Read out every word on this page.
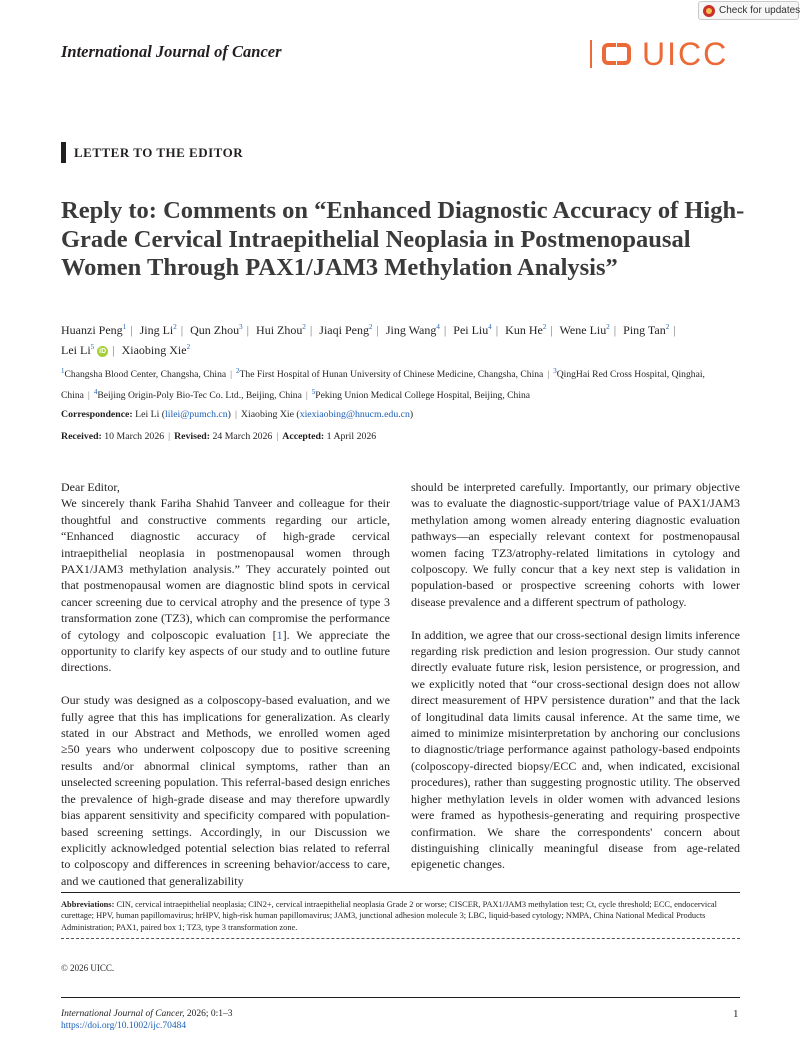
Check for updates
International Journal of Cancer	UICC
LETTER TO THE EDITOR
Reply to: Comments on “Enhanced Diagnostic Accuracy of High-Grade Cervical Intraepithelial Neoplasia in Postmenopausal Women Through PAX1/JAM3 Methylation Analysis”
Huanzi Peng$^1$ | Jing Li$^2$ | Qun Zhou$^3$ | Hui Zhou$^2$ | Jiaqi Peng$^2$ | Jing Wang$^4$ | Pei Liu$^4$ | Kun He$^2$ | Wene Liu$^2$ | Ping Tan$^2$ |
Lei Li$^5$iD | Xiaobing Xie$^2$
$^1$Changsha Blood Center, Changsha, China | $^2$The First Hospital of Hunan University of Chinese Medicine, Changsha, China | $^3$QingHai Red Cross Hospital, Qinghai, China | $^4$Beijing Origin-Poly Bio-Tec Co. Ltd., Beijing, China | $^5$Peking Union Medical College Hospital, Beijing, China
Correspondence: Lei Li (lilei@pumch.cn) | Xiaobing Xie (xiexiaobing@hnucm.edu.cn)
Received: 10 March 2026 | Revised: 24 March 2026 | Accepted: 1 April 2026

Dear Editor,

We sincerely thank Fariha Shahid Tanveer and colleague for their thoughtful and constructive comments regarding our article, “Enhanced diagnostic accuracy of high-grade cervical intraepithelial neoplasia in postmenopausal women through PAX1/JAM3 methylation analysis.” They accurately pointed out that postmenopausal women are diagnostic blind spots in cervical cancer screening due to cervical atrophy and the presence of type 3 transformation zone (TZ3), which can compromise the performance of cytology and colposcopic evaluation [1]. We appreciate the opportunity to clarify key aspects of our study and to outline future directions.

Our study was designed as a colposcopy-based evaluation, and we fully agree that this has implications for generalization. As clearly stated in our Abstract and Methods, we enrolled women aged ≥50 years who underwent colposcopy due to positive screening results and/or abnormal clinical symptoms, rather than an unselected screening population. This referral-based design enriches the prevalence of high-grade disease and may therefore upwardly bias apparent sensitivity and specificity compared with population-based screening settings. Accordingly, in our Discussion we explicitly acknowledged potential selection bias related to referral to colposcopy and differences in screening behavior/access to care, and we cautioned that generalizability

should be interpreted carefully. Importantly, our primary objective was to evaluate the diagnostic-support/triage value of PAX1/JAM3 methylation among women already entering diagnostic evaluation pathways—an especially relevant context for postmenopausal women facing TZ3/atrophy-related limitations in cytology and colposcopy. We fully concur that a key next step is validation in population-based or prospective screening cohorts with lower disease prevalence and a different spectrum of pathology.

In addition, we agree that our cross-sectional design limits inference regarding risk prediction and lesion progression. Our study cannot directly evaluate future risk, lesion persistence, or progression, and we explicitly noted that “our cross-sectional design does not allow direct measurement of HPV persistence duration” and that the lack of longitudinal data limits causal inference. At the same time, we aimed to minimize misinterpretation by anchoring our conclusions to diagnostic/triage performance against pathology-based endpoints (colposcopy-directed biopsy/ECC and, when indicated, excisional procedures), rather than suggesting prognostic utility. The observed higher methylation levels in older women with advanced lesions were framed as hypothesis-generating and requiring prospective confirmation. We share the correspondents' concern about distinguishing clinically meaningful disease from age-related epigenetic changes.

Abbreviations: CIN, cervical intraepithelial neoplasia; CIN2+, cervical intraepithelial neoplasia Grade 2 or worse; CISCER, PAX1/JAM3 methylation test; Ct, cycle threshold; ECC, endocervical curettage; HPV, human papillomavirus; hrHPV, high-risk human papillomavirus; JAM3, junctional adhesion molecule 3; LBC, liquid-based cytology; NMPA, China National Medical Products Administration; PAX1, paired box 1; TZ3, type 3 transformation zone.
© 2026 UICC.
International Journal of Cancer, 2026; 0:1–3
https://doi.org/10.1002/ijc.70484
1
